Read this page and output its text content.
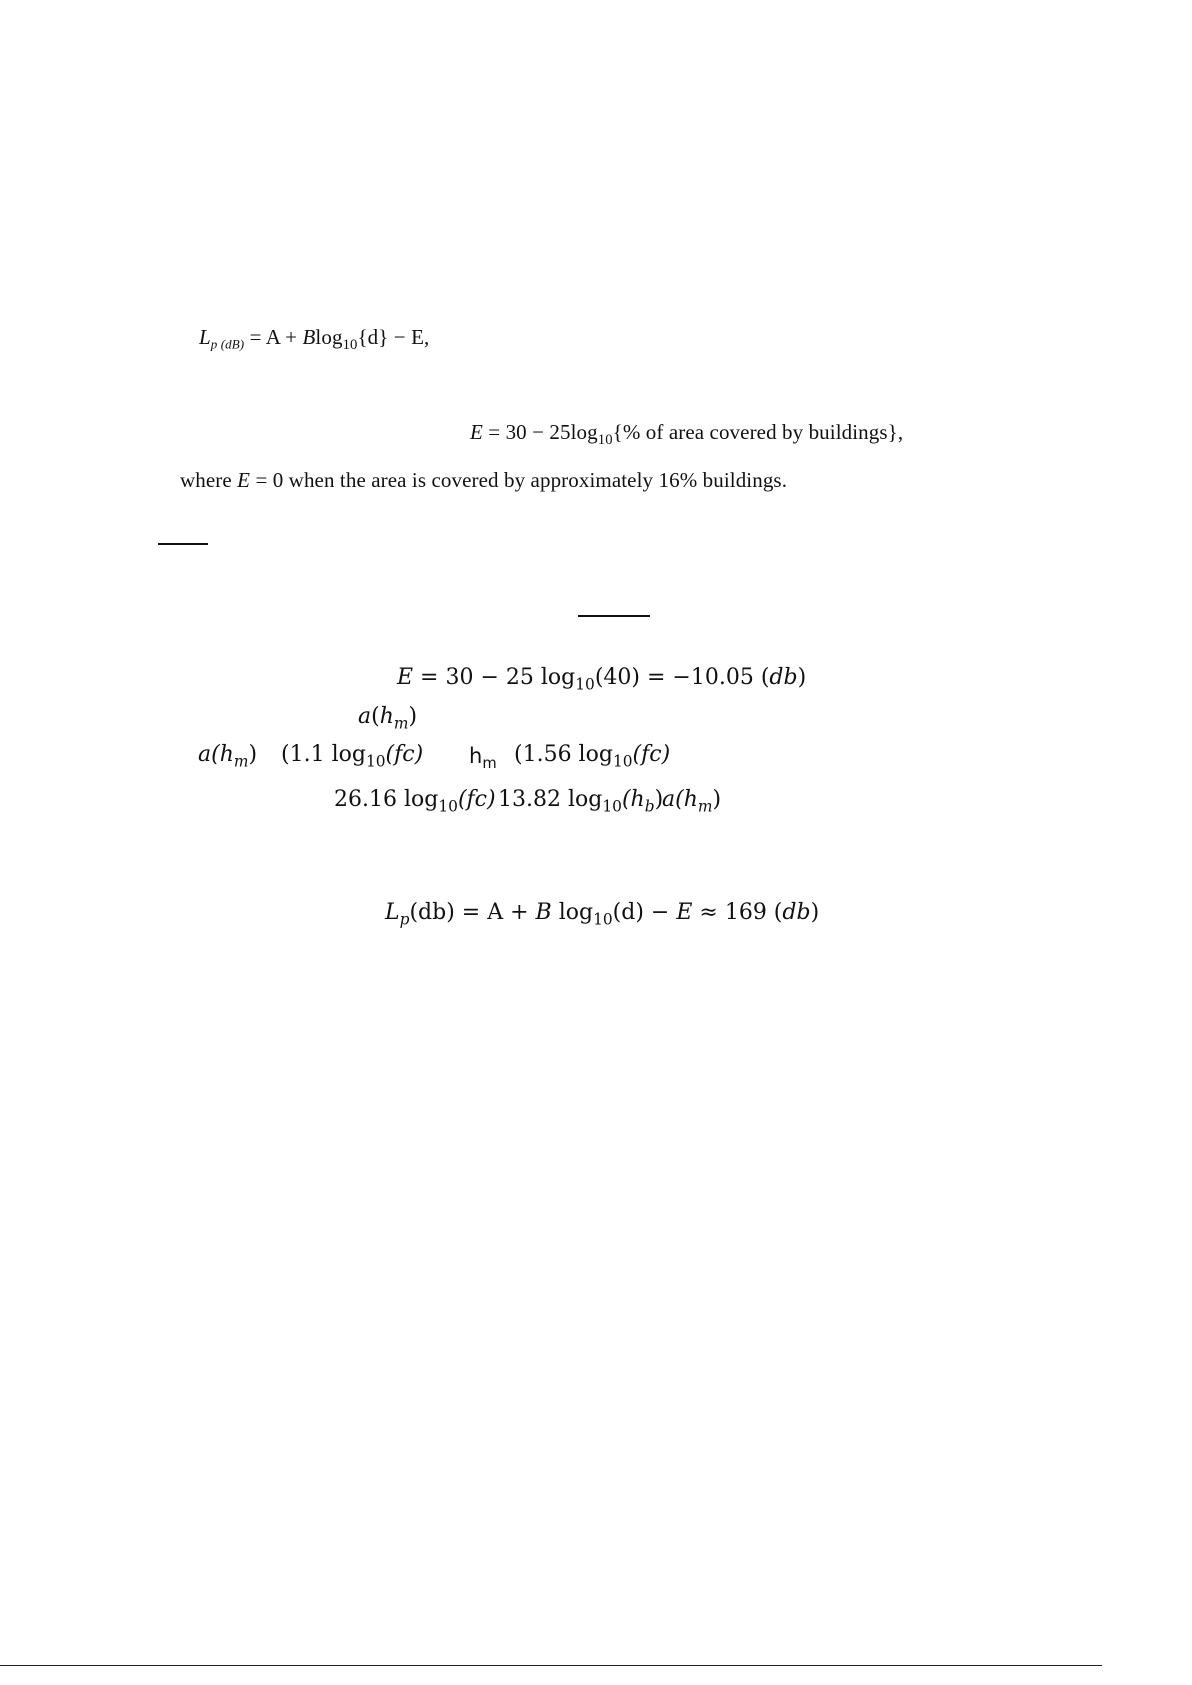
$L_{p (dB)} = A + Blog_{10}\{d\} - E$,
$E = 30 - 25\log_{10}\{\%$ of area covered by buildings},
where E = 0 when the area is covered by approximately 16% buildings.
E = 30 − 25 $\log_{10}(40) = -10.05$ (db)
$a(h_m)$
$a(h_m)$ (1.1 $\log_{10}(fc)$ $h_m$ (1.56 $\log_{10}(fc)$
26.16 $\log_{10}(fc)$ 13.82 $\log_{10}(h_b)$
$a(h_m)$
$L_p(db) = A + B$ $\log_{10}(d) - E \approx 169$ (db)
